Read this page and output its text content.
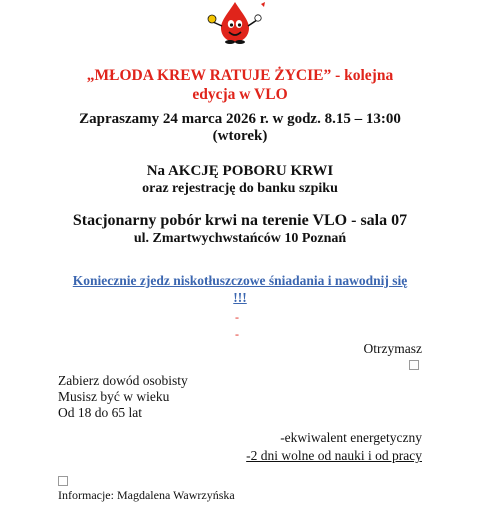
„MŁODA KREW RATUJE ŻYCIE” - kolejna
edycja w VLO
Zapraszamy 24 marca 2026 r. w godz. 8.15 – 13:00
(wtorek)
Na AKCJĘ POBORU KRWI
oraz rejestrację do banku szpiku
Stacjonarny pobór krwi na terenie VLO - sala 07
ul. Zmartwychwstańców 10 Poznań
Koniecznie zjedz niskotłuszczowe śniadania i nawodnij się
!!!
-
-
Otrzymasz
Zabierz dowód osobisty
Musisz być w wieku
Od 18 do 65 lat
-ekwiwalent energetyczny
-2 dni wolne od nauki i od pracy
Informacje: Magdalena Wawrzyńska
